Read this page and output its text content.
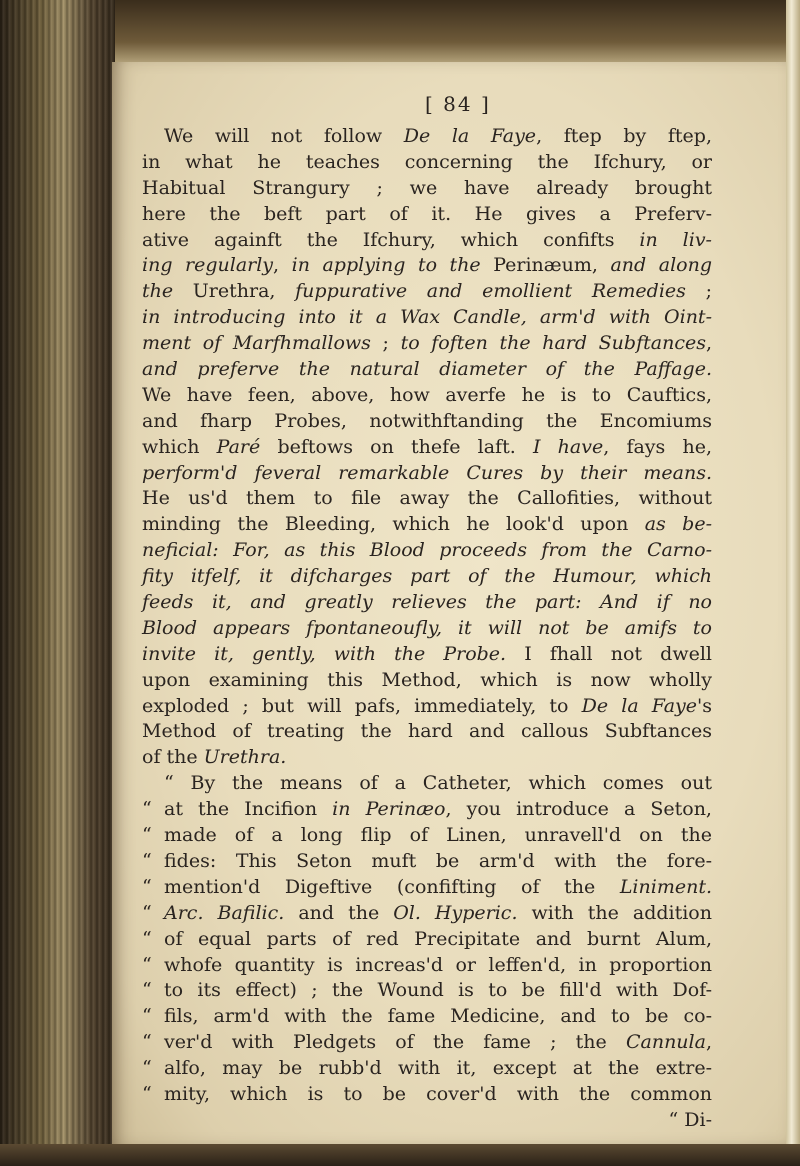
[ 84 ]
We will not follow De la Faye, ftep by ftep,
in what he teaches concerning the Ifchury, or
Habitual Strangury ; we have already brought
here the beft part of it. He gives a Preferv-
ative againft the Ifchury, which confifts in liv-
ing regularly, in applying to the Perinæum, and along
the Urethra, fuppurative and emollient Remedies ;
in introducing into it a Wax Candle, arm'd with Oint-
ment of Marfhmallows ; to foften the hard Subftances,
and preferve the natural diameter of the Paffage.
We have feen, above, how averfe he is to Cauftics,
and fharp Probes, notwithftanding the Encomiums
which Paré beftows on thefe laft. I have, fays he,
perform'd feveral remarkable Cures by their means.
He us'd them to file away the Callofities, without
minding the Bleeding, which he look'd upon as be-
neficial: For, as this Blood proceeds from the Carno-
fity itfelf, it difcharges part of the Humour, which
feeds it, and greatly relieves the part: And if no
Blood appears fpontaneoufly, it will not be amifs to
invite it, gently, with the Probe. I fhall not dwell
upon examining this Method, which is now wholly
exploded ; but will pafs, immediately, to De la Faye's
Method of treating the hard and callous Subftances
of the Urethra.
“ By the means of a Catheter, which comes out
“ at the Incifion in Perinæo, you introduce a Seton,
“ made of a long flip of Linen, unravell'd on the
“ fides: This Seton muft be arm'd with the fore-
“ mention'd Digeftive (confifting of the Liniment.
“ Arc. Bafilic. and the Ol. Hyperic. with the addition
“ of equal parts of red Precipitate and burnt Alum,
“ whofe quantity is increas'd or leffen'd, in proportion
“ to its effect) ; the Wound is to be fill'd with Dof-
“ fils, arm'd with the fame Medicine, and to be co-
“ ver'd with Pledgets of the fame ; the Cannula,
“ alfo, may be rubb'd with it, except at the extre-
“ mity, which is to be cover'd with the common
“ Di-
